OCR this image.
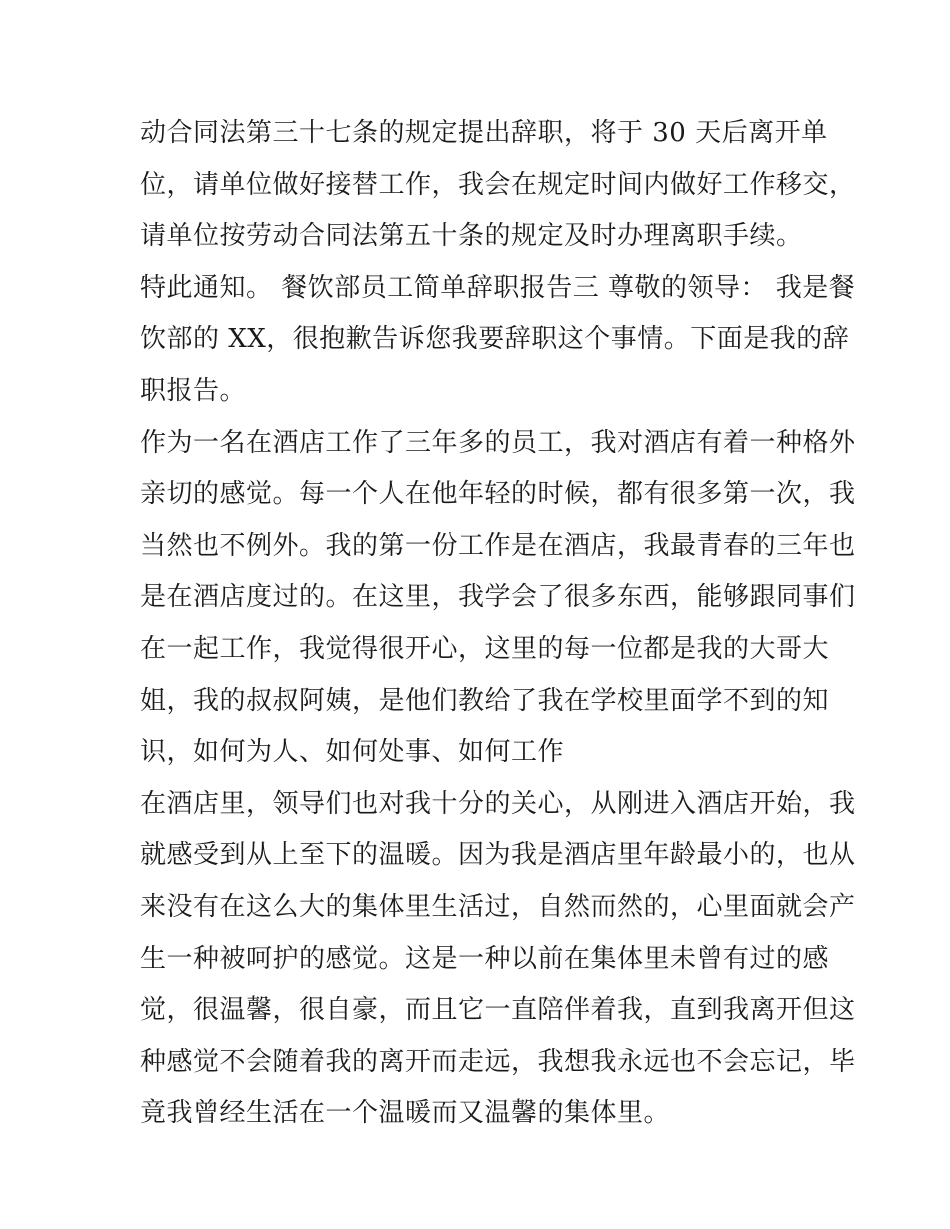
动合同法第三十七条的规定提出辞职，将于 30 天后离开单
位，请单位做好接替工作，我会在规定时间内做好工作移交，
请单位按劳动合同法第五十条的规定及时办理离职手续。
特此通知。 餐饮部员工简单辞职报告三 尊敬的领导： 我是餐
饮部的 XX，很抱歉告诉您我要辞职这个事情。下面是我的辞
职报告。
作为一名在酒店工作了三年多的员工，我对酒店有着一种格外
亲切的感觉。每一个人在他年轻的时候，都有很多第一次，我
当然也不例外。我的第一份工作是在酒店，我最青春的三年也
是在酒店度过的。在这里，我学会了很多东西，能够跟同事们
在一起工作，我觉得很开心，这里的每一位都是我的大哥大
姐，我的叔叔阿姨，是他们教给了我在学校里面学不到的知
识，如何为人、如何处事、如何工作
在酒店里，领导们也对我十分的关心，从刚进入酒店开始，我
就感受到从上至下的温暖。因为我是酒店里年龄最小的，也从
来没有在这么大的集体里生活过，自然而然的，心里面就会产
生一种被呵护的感觉。这是一种以前在集体里未曾有过的感
觉，很温馨，很自豪，而且它一直陪伴着我，直到我离开但这
种感觉不会随着我的离开而走远，我想我永远也不会忘记，毕
竟我曾经生活在一个温暖而又温馨的集体里。
